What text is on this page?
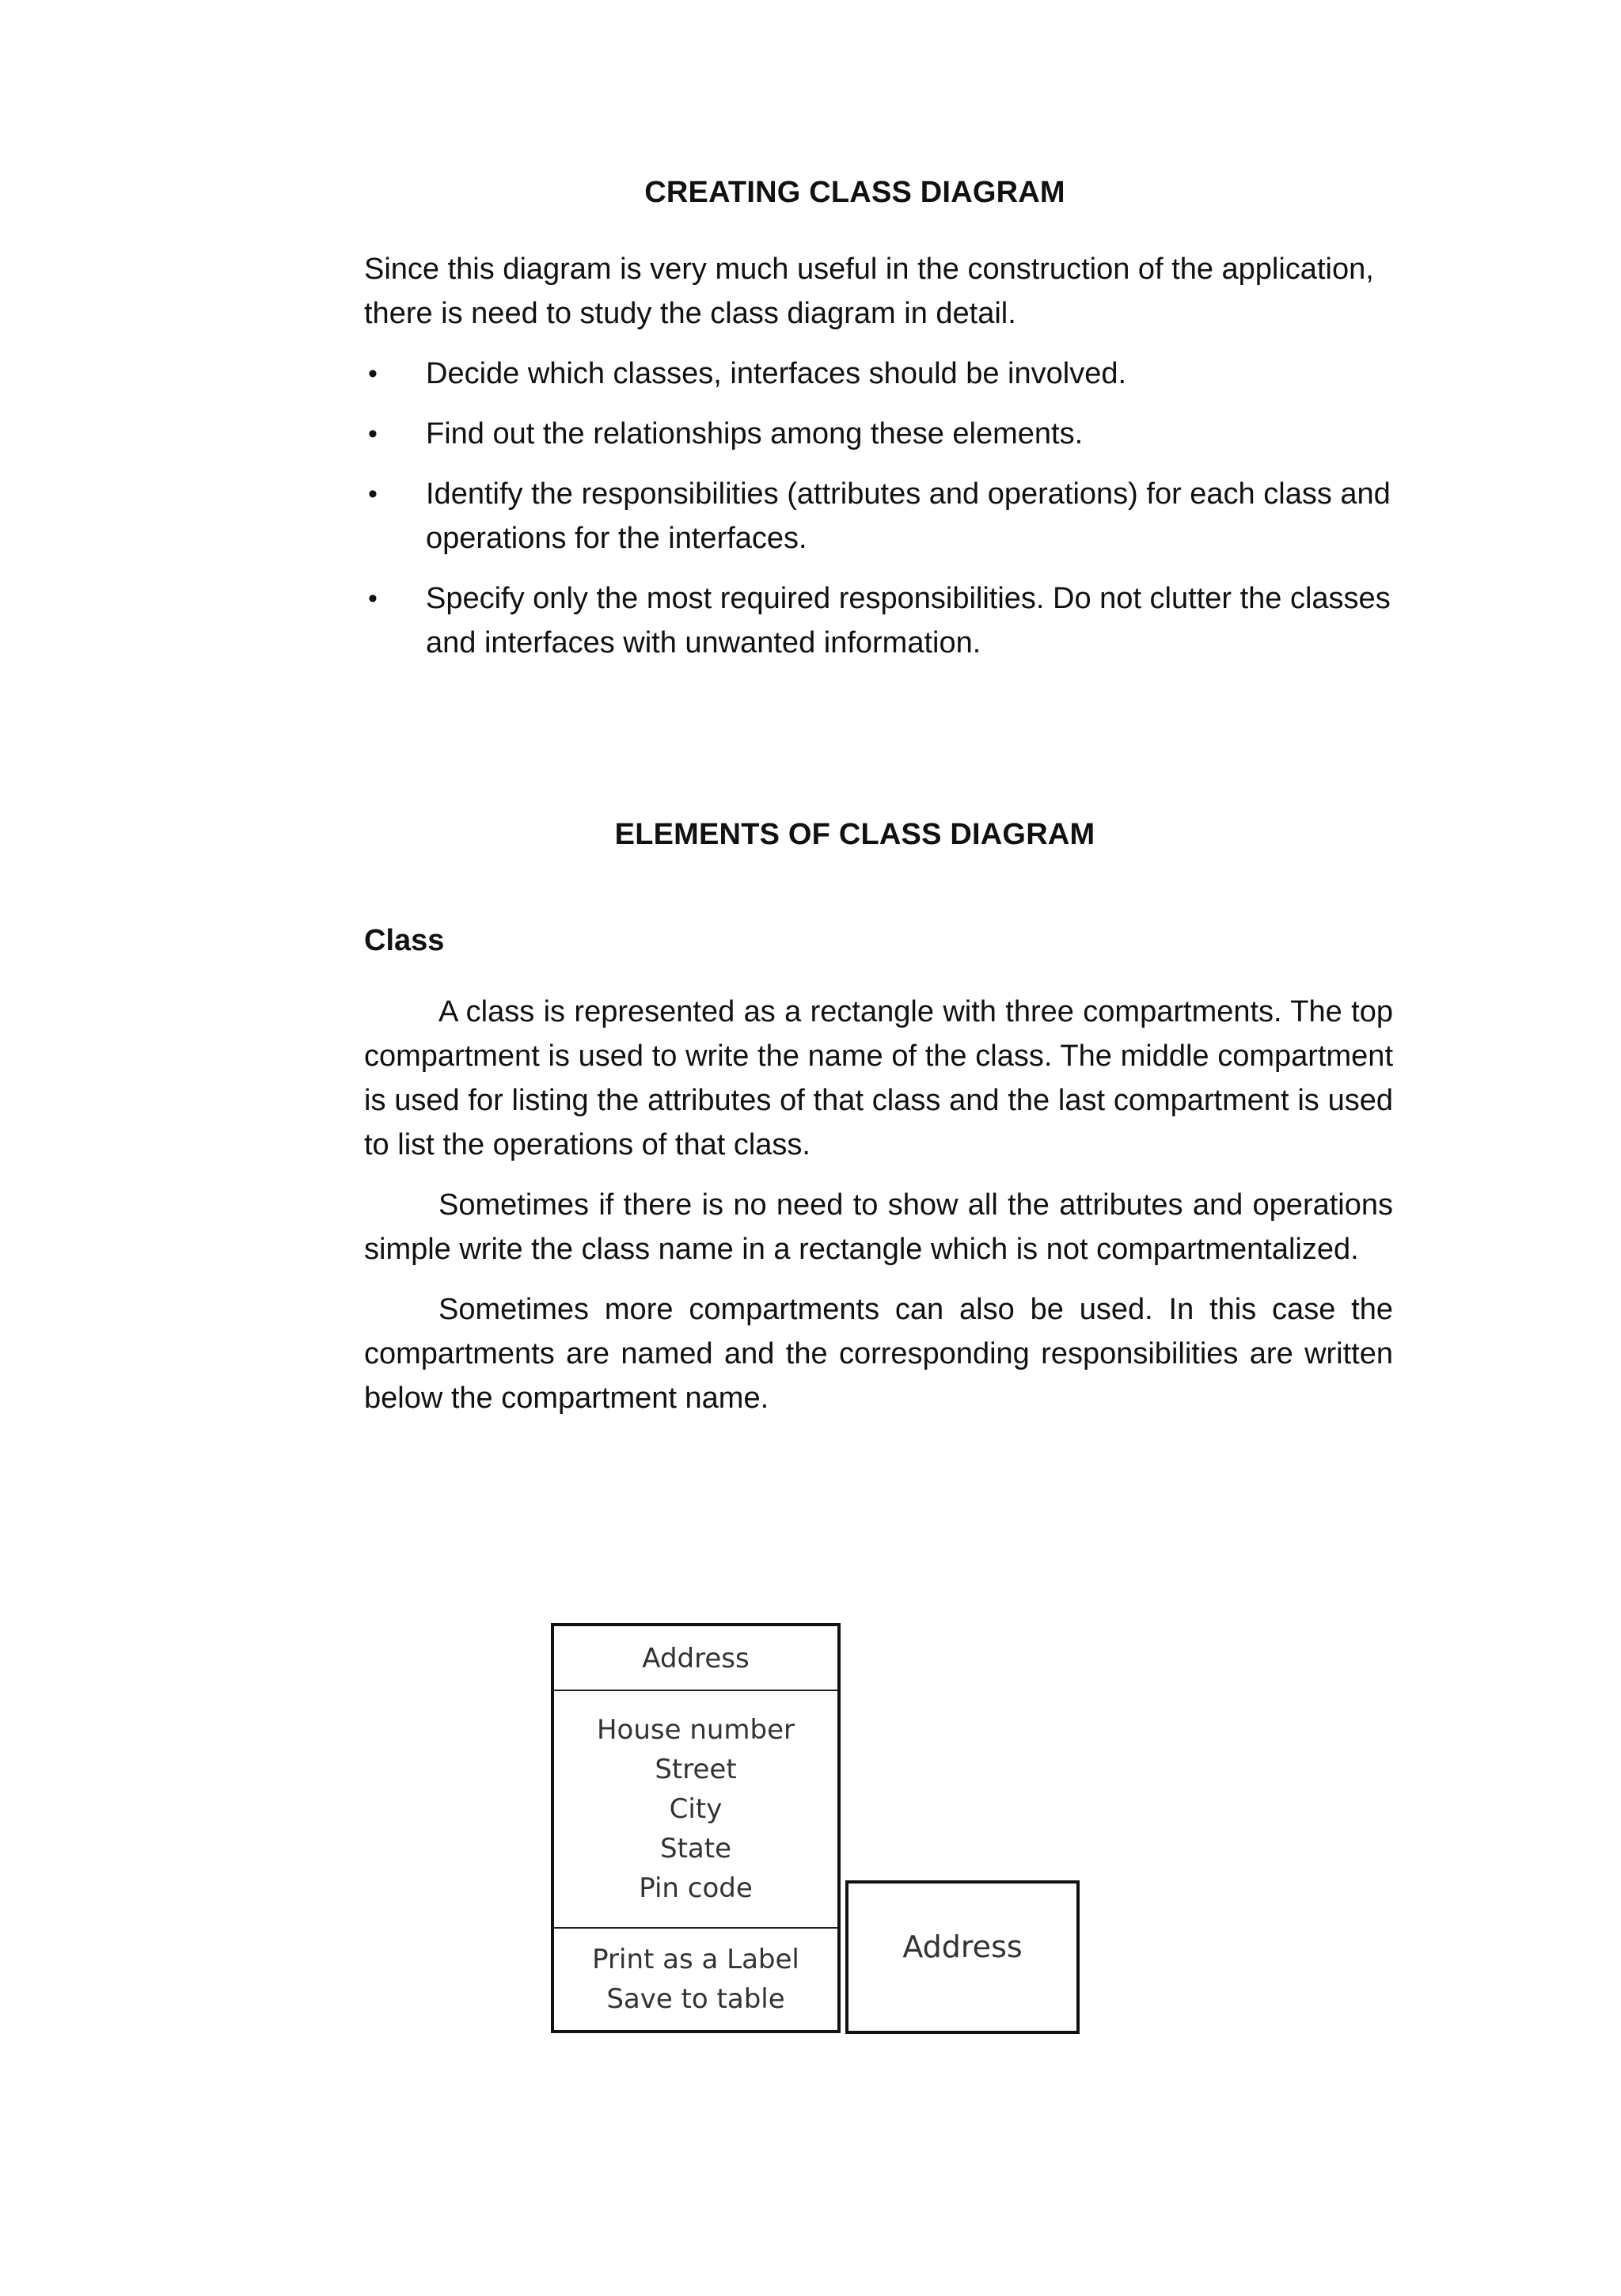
CREATING CLASS DIAGRAM

Since this diagram is very much useful in the construction of the application, there is need to study the class diagram in detail.

• Decide which classes, interfaces should be involved.
• Find out the relationships among these elements.
• Identify the responsibilities (attributes and operations) for each class and operations for the interfaces.
• Specify only the most required responsibilities. Do not clutter the classes and interfaces with unwanted information.
ELEMENTS OF CLASS DIAGRAM

Class

A class is represented as a rectangle with three compartments. The top compartment is used to write the name of the class. The middle compartment is used for listing the attributes of that class and the last compartment is used to list the operations of that class.

Sometimes if there is no need to show all the attributes and operations simple write the class name in a rectangle which is not compartmentalized.

Sometimes more compartments can also be used. In this case the compartments are named and the corresponding responsibilities are written below the compartment name.

Address
House number
Street
City
State
Pin code
Print as a Label
Save to table
Address
